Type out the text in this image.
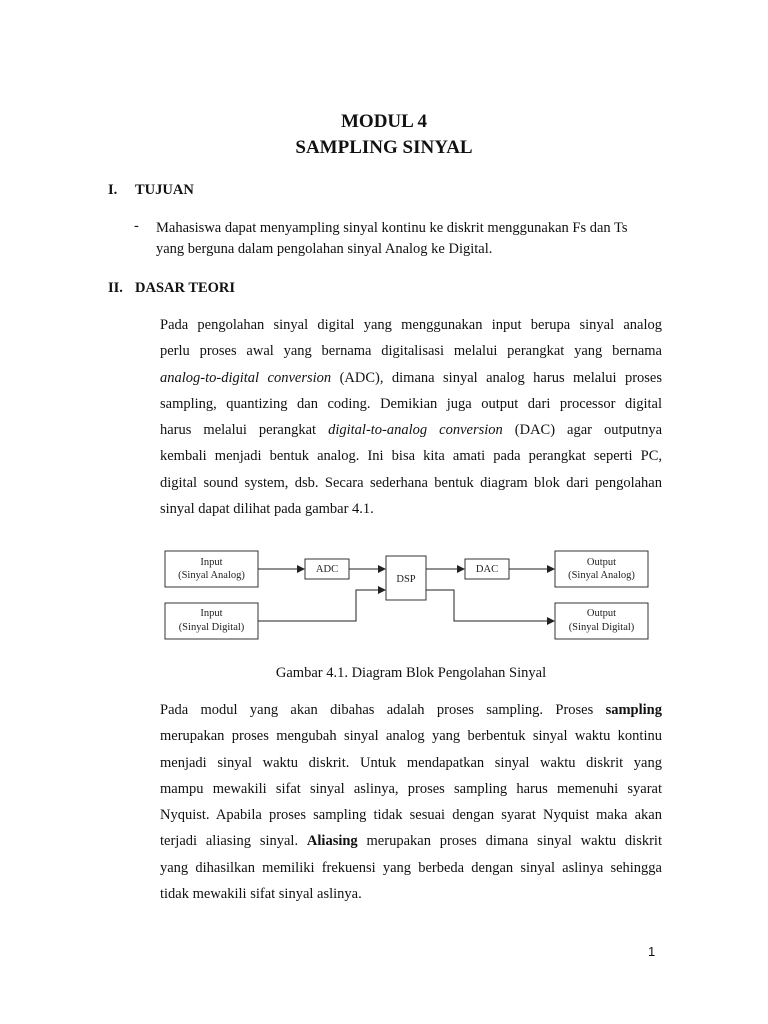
MODUL 4
SAMPLING SINYAL
I. TUJUAN
- Mahasiswa dapat menyampling sinyal kontinu ke diskrit menggunakan Fs dan Ts
yang berguna dalam pengolahan sinyal Analog ke Digital.
II. DASAR TEORI
Pada pengolahan sinyal digital yang menggunakan input berupa sinyal analog
perlu proses awal yang bernama digitalisasi melalui perangkat yang bernama
analog-to-digital conversion (ADC), dimana sinyal analog harus melalui proses
sampling, quantizing dan coding. Demikian juga output dari processor digital
harus melalui perangkat digital-to-analog conversion (DAC) agar outputnya
kembali menjadi bentuk analog. Ini bisa kita amati pada perangkat seperti PC,
digital sound system, dsb. Secara sederhana bentuk diagram blok dari pengolahan
sinyal dapat dilihat pada gambar 4.1.
Input
(Sinyal Analog)
Input
(Sinyal Digital)
ADC
DSP
DAC
Output
(Sinyal Analog)
Output
(Sinyal Digital)
Gambar 4.1. Diagram Blok Pengolahan Sinyal
Pada modul yang akan dibahas adalah proses sampling. Proses sampling
merupakan proses mengubah sinyal analog yang berbentuk sinyal waktu kontinu
menjadi sinyal waktu diskrit. Untuk mendapatkan sinyal waktu diskrit yang
mampu mewakili sifat sinyal aslinya, proses sampling harus memenuhi syarat
Nyquist. Apabila proses sampling tidak sesuai dengan syarat Nyquist maka akan
terjadi aliasing sinyal. Aliasing merupakan proses dimana sinyal waktu diskrit
yang dihasilkan memiliki frekuensi yang berbeda dengan sinyal aslinya sehingga
tidak mewakili sifat sinyal aslinya.
1
